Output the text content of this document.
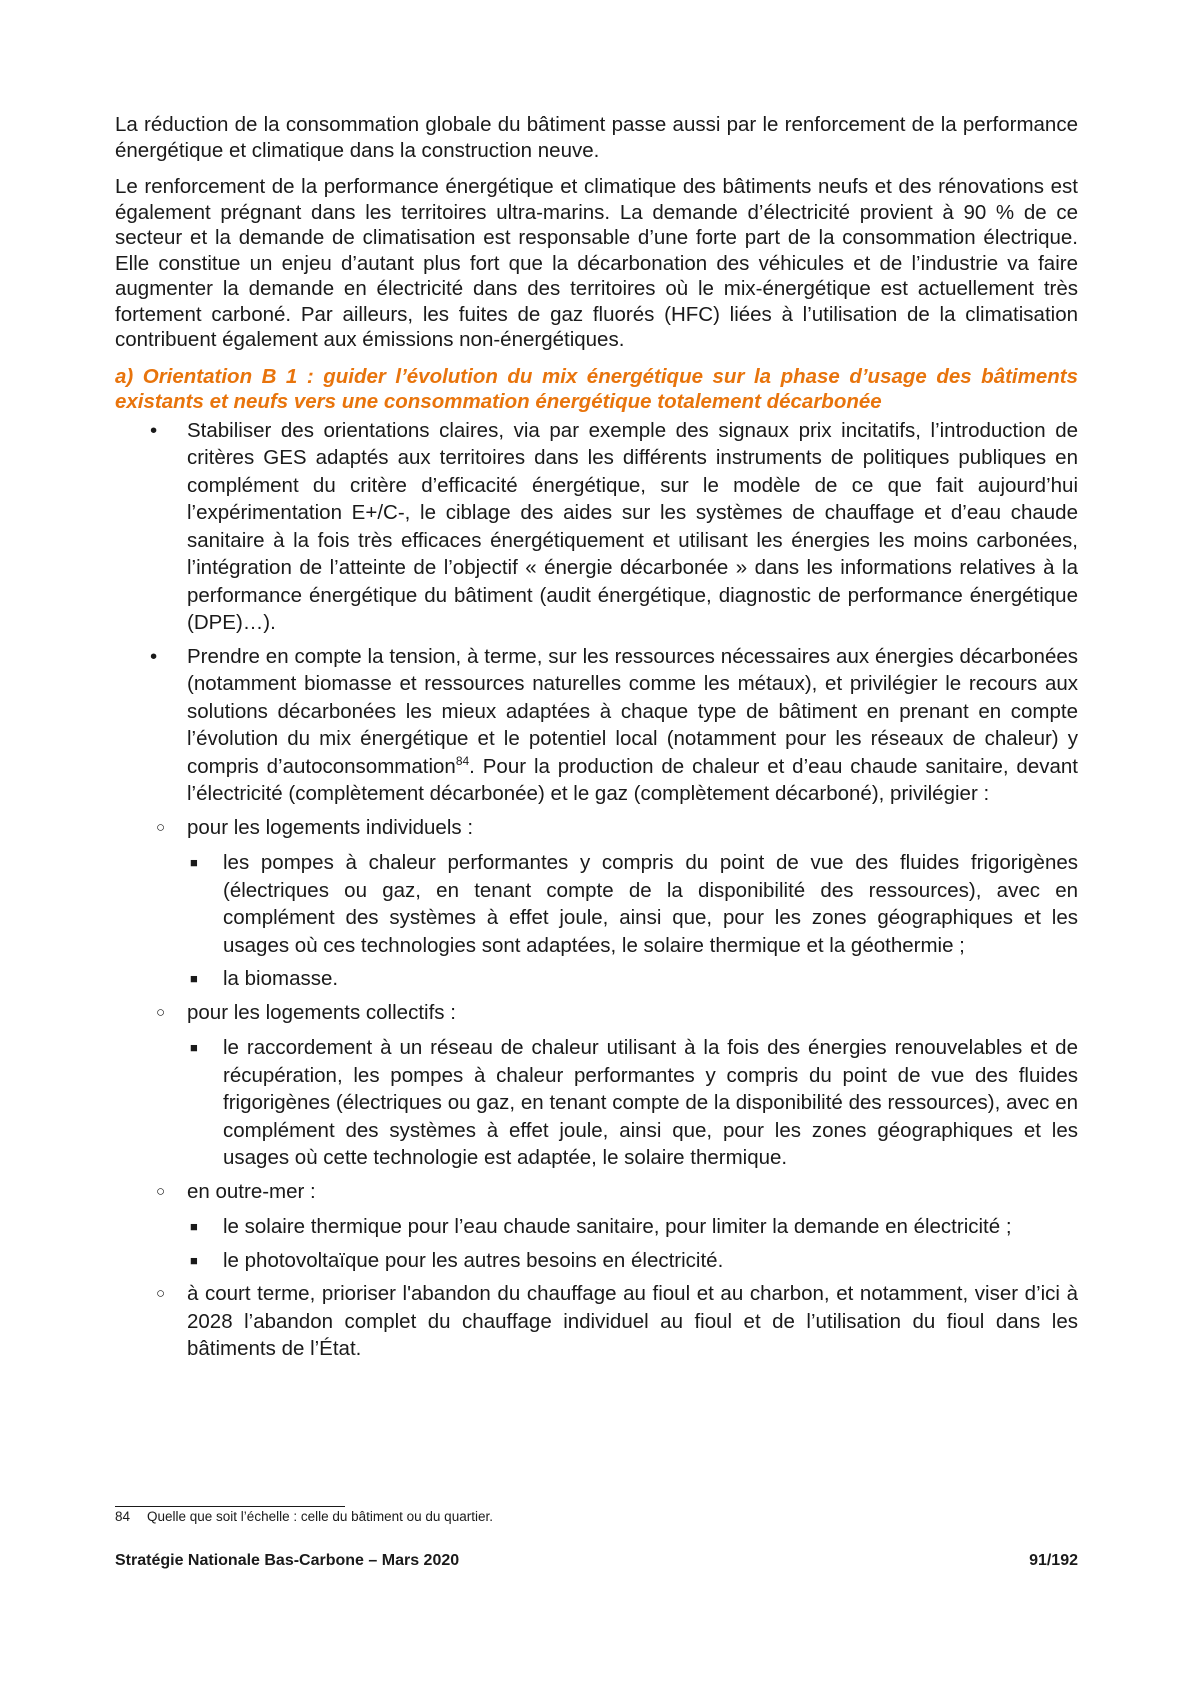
La réduction de la consommation globale du bâtiment passe aussi par le renforcement de la performance énergétique et climatique dans la construction neuve.

Le renforcement de la performance énergétique et climatique des bâtiments neufs et des rénovations est également prégnant dans les territoires ultra-marins. La demande d’électricité provient à 90 % de ce secteur et la demande de climatisation est responsable d’une forte part de la consommation électrique. Elle constitue un enjeu d’autant plus fort que la décarbonation des véhicules et de l’industrie va faire augmenter la demande en électricité dans des territoires où le mix-énergétique est actuellement très fortement carboné. Par ailleurs, les fuites de gaz fluorés (HFC) liées à l’utilisation de la climatisation contribuent également aux émissions non-énergétiques.

a) Orientation B 1 : guider l’évolution du mix énergétique sur la phase d’usage des bâtiments existants et neufs vers une consommation énergétique totalement décarbonée
• Stabiliser des orientations claires, via par exemple des signaux prix incitatifs, l’introduction de critères GES adaptés aux territoires dans les différents instruments de politiques publiques en complément du critère d’efficacité énergétique, sur le modèle de ce que fait aujourd’hui l’expérimentation E+/C-, le ciblage des aides sur les systèmes de chauffage et d’eau chaude sanitaire à la fois très efficaces énergétiquement et utilisant les énergies les moins carbonées, l’intégration de l’atteinte de l’objectif « énergie décarbonée » dans les informations relatives à la performance énergétique du bâtiment (audit énergétique, diagnostic de performance énergétique (DPE)…).
• Prendre en compte la tension, à terme, sur les ressources nécessaires aux énergies décarbonées (notamment biomasse et ressources naturelles comme les métaux), et privilégier le recours aux solutions décarbonées les mieux adaptées à chaque type de bâtiment en prenant en compte l’évolution du mix énergétique et le potentiel local (notamment pour les réseaux de chaleur) y compris d’autoconsommation$^{84}$. Pour la production de chaleur et d’eau chaude sanitaire, devant l’électricité (complètement décarbonée) et le gaz (complètement décarboné), privilégier :
○ pour les logements individuels :
■ les pompes à chaleur performantes y compris du point de vue des fluides frigorigènes (électriques ou gaz, en tenant compte de la disponibilité des ressources), avec en complément des systèmes à effet joule, ainsi que, pour les zones géographiques et les usages où ces technologies sont adaptées, le solaire thermique et la géothermie ;
■ la biomasse.
○ pour les logements collectifs :
■ le raccordement à un réseau de chaleur utilisant à la fois des énergies renouvelables et de récupération, les pompes à chaleur performantes y compris du point de vue des fluides frigorigènes (électriques ou gaz, en tenant compte de la disponibilité des ressources), avec en complément des systèmes à effet joule, ainsi que, pour les zones géographiques et les usages où cette technologie est adaptée, le solaire thermique.
○ en outre-mer :
■ le solaire thermique pour l’eau chaude sanitaire, pour limiter la demande en électricité ;
■ le photovoltaïque pour les autres besoins en électricité.
○ à court terme, prioriser l'abandon du chauffage au fioul et au charbon, et notamment, viser d’ici à 2028 l’abandon complet du chauffage individuel au fioul et de l’utilisation du fioul dans les bâtiments de l’État.
84 Quelle que soit l’échelle : celle du bâtiment ou du quartier.
Stratégie Nationale Bas-Carbone – Mars 2020	91/192
